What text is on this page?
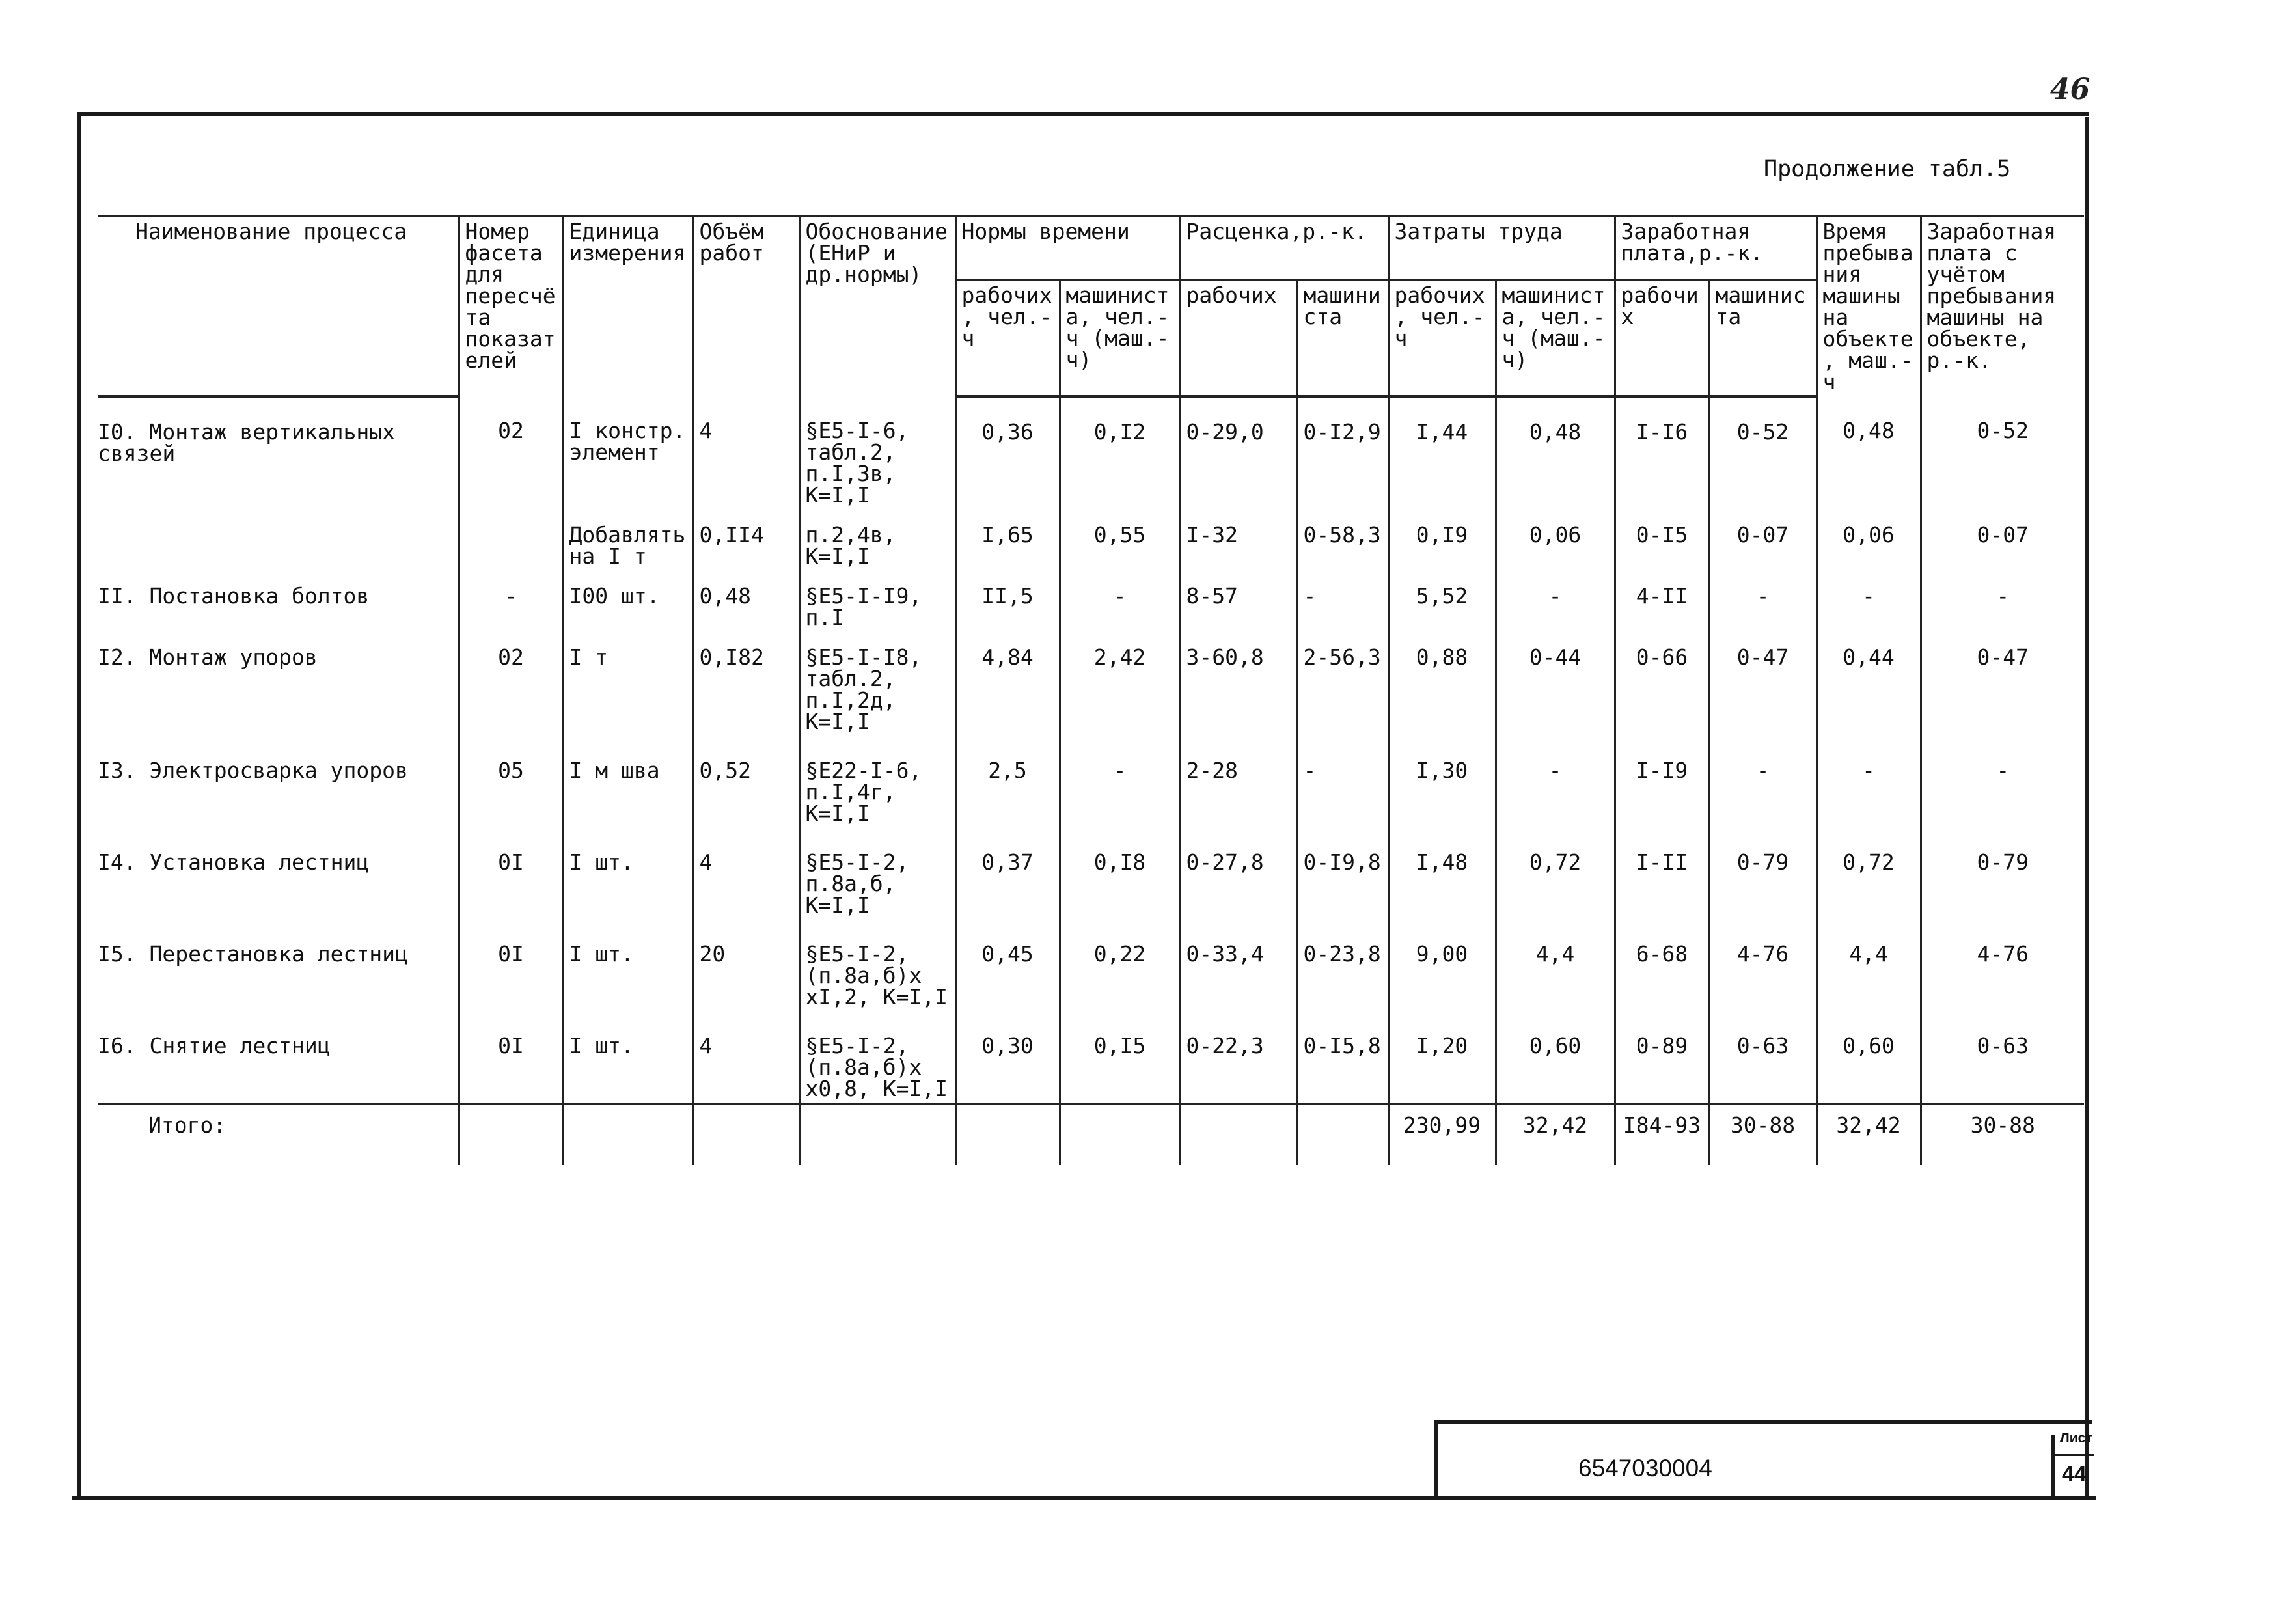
46
Продолжение табл.5
Наименование процесса	Номер фасета для пересчёта показателей	Единица измерения	Объём работ	Обоснование (ЕНиР и др.нормы)	Нормы времени		Расценка,р.-к.		Затраты труда		Заработная плата,р.-к.		Время пребывания машины на объекте, маш.-ч	Заработная плата с учётом пребывания машины на объекте, р.-к.
					рабочих, чел.-ч	машиниста, чел.-ч (маш.-ч)	рабочих	машиниста	рабочих, чел.-ч	машиниста, чел.-ч (маш.-ч)	рабочих	машиниста		
I0. Монтаж вертикальных связей	02	I констр. элемент	4	§Е5-I-6, табл.2, п.I,3в, К=I,I	0,36	0,I2	0-29,0	0-I2,9	I,44	0,48	I-I6	0-52	0,48	0-52
		Добавлять на I т	0,II4	п.2,4в, К=I,I	I,65	0,55	I-32	0-58,3	0,I9	0,06	0-I5	0-07	0,06	0-07
II. Постановка болтов	-	I00 шт.	0,48	§Е5-I-I9, п.I	II,5	-	8-57	-	5,52	-	4-II	-	-	-
I2. Монтаж упоров	02	I т	0,I82	§Е5-I-I8, табл.2, п.I,2д, К=I,I	4,84	2,42	3-60,8	2-56,3	0,88	0-44	0-66	0-47	0,44	0-47
I3. Электросварка упоров	05	I м шва	0,52	§Е22-I-6, п.I,4г, К=I,I	2,5	-	2-28	-	I,30	-	I-I9	-	-	-
I4. Установка лестниц	0I	I шт.	4	§Е5-I-2, п.8а,б, К=I,I	0,37	0,I8	0-27,8	0-I9,8	I,48	0,72	I-II	0-79	0,72	0-79
I5. Перестановка лестниц	0I	I шт.	20	§Е5-I-2, (п.8а,б)х хI,2, К=I,I	0,45	0,22	0-33,4	0-23,8	9,00	4,4	6-68	4-76	4,4	4-76
I6. Снятие лестниц	0I	I шт.	4	§Е5-I-2, (п.8а,б)х х0,8, К=I,I	0,30	0,I5	0-22,3	0-I5,8	I,20	0,60	0-89	0-63	0,60	0-63
Итого:									230,99	32,42	I84-93	30-88	32,42	30-88
6547030004
Лист
44
